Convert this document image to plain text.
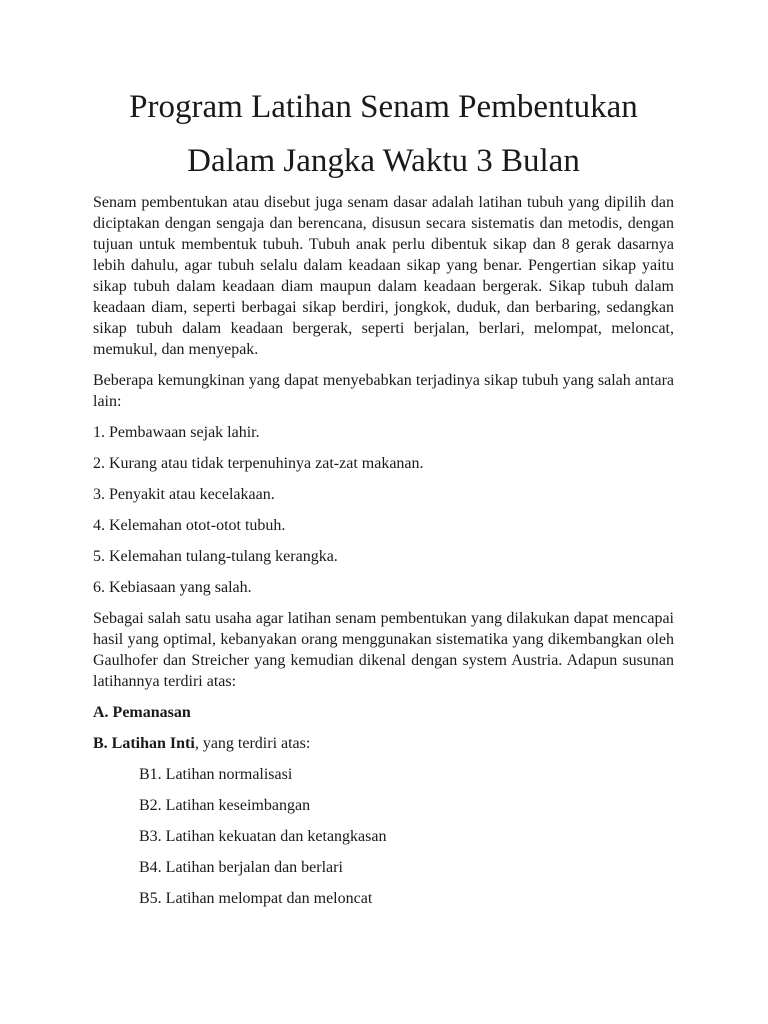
Program Latihan Senam Pembentukan
Dalam Jangka Waktu 3 Bulan

Senam pembentukan atau disebut juga senam dasar adalah latihan tubuh yang dipilih dan diciptakan dengan sengaja dan berencana, disusun secara sistematis dan metodis, dengan tujuan untuk membentuk tubuh. Tubuh anak perlu dibentuk sikap dan 8 gerak dasarnya lebih dahulu, agar tubuh selalu dalam keadaan sikap yang benar. Pengertian sikap yaitu sikap tubuh dalam keadaan diam maupun dalam keadaan bergerak. Sikap tubuh dalam keadaan diam, seperti berbagai sikap berdiri, jongkok, duduk, dan berbaring, sedangkan sikap tubuh dalam keadaan bergerak, seperti berjalan, berlari, melompat, meloncat, memukul, dan menyepak.

Beberapa kemungkinan yang dapat menyebabkan terjadinya sikap tubuh yang salah antara lain:

1. Pembawaan sejak lahir.
2. Kurang atau tidak terpenuhinya zat-zat makanan.
3. Penyakit atau kecelakaan.
4. Kelemahan otot-otot tubuh.
5. Kelemahan tulang-tulang kerangka.
6. Kebiasaan yang salah.

Sebagai salah satu usaha agar latihan senam pembentukan yang dilakukan dapat mencapai hasil yang optimal, kebanyakan orang menggunakan sistematika yang dikembangkan oleh Gaulhofer dan Streicher yang kemudian dikenal dengan system Austria. Adapun susunan latihannya terdiri atas:

A. Pemanasan
B. Latihan Inti, yang terdiri atas:
B1. Latihan normalisasi
B2. Latihan keseimbangan
B3. Latihan kekuatan dan ketangkasan
B4. Latihan berjalan dan berlari
B5. Latihan melompat dan meloncat
